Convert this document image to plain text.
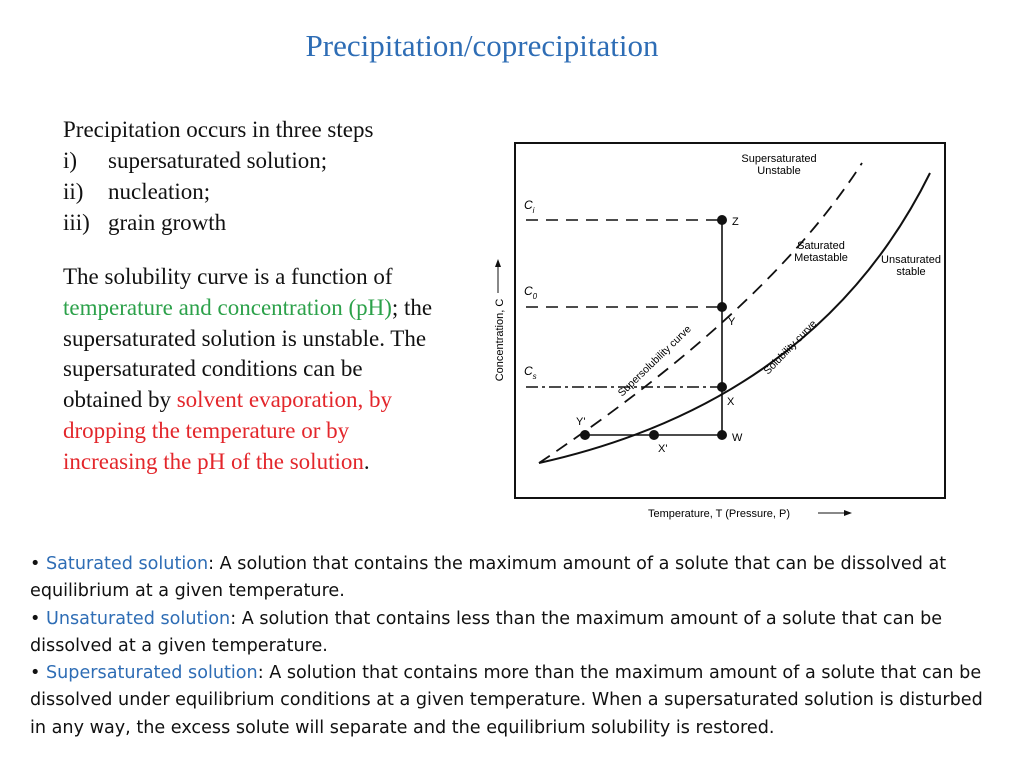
Precipitation/coprecipitation
Precipitation occurs in three steps
i)	supersaturated solution;
ii)	nucleation;
iii) grain growth
The solubility curve is a function of temperature and concentration (pH); the supersaturated solution is unstable. The supersaturated conditions can be obtained by solvent evaporation, by dropping the temperature or by increasing the pH of the solution.
Concentration, C
Temperature, T (Pressure, P)
$C_i$
$C_0$
$C_s$
Z
Y
X
W
Y'
X'
Supersaturated
Unstable
Saturated
Metastable	Unsaturated
stable
Supersolubility curve	Solubility curve

• Saturated solution: A solution that contains the maximum amount of a solute that can be dissolved at equilibrium at a given temperature.

• Unsaturated solution: A solution that contains less than the maximum amount of a solute that can be dissolved at a given temperature.

• Supersaturated solution: A solution that contains more than the maximum amount of a solute that can be dissolved under equilibrium conditions at a given temperature. When a supersaturated solution is disturbed in any way, the excess solute will separate and the equilibrium solubility is restored.
